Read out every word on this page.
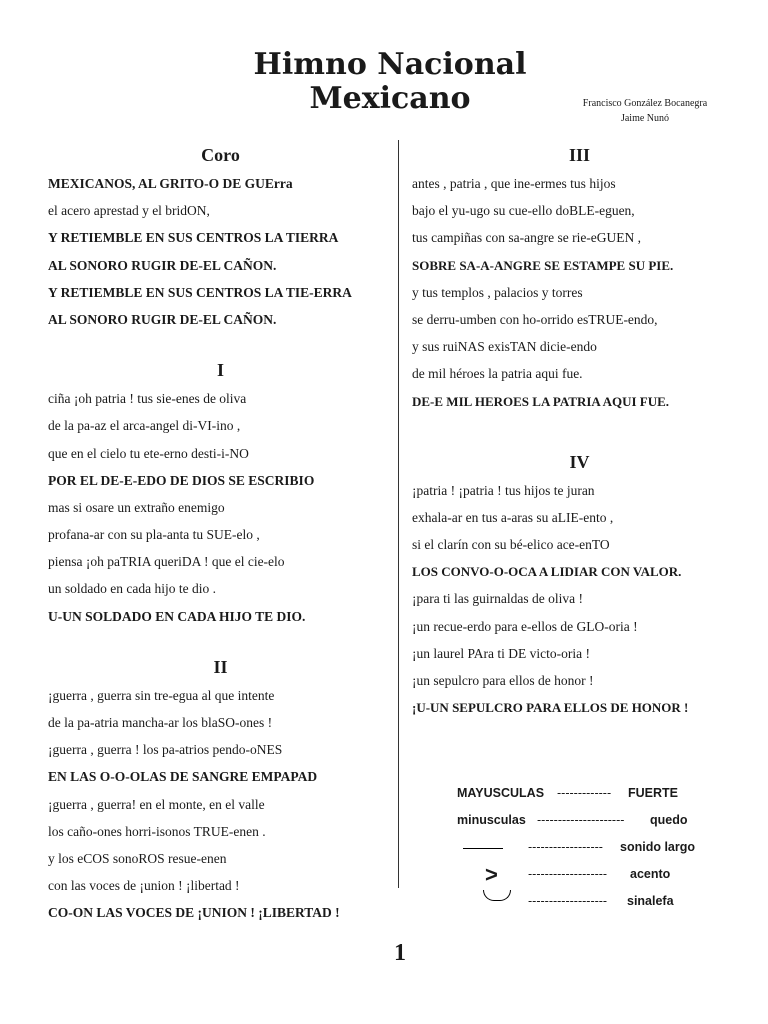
Himno Nacional
Mexicano	Francisco González Bocanegra
Jaime Nunó
Coro
MEXICANOS, AL GRITO-O DE GUErra
el acero aprestad y el bridON,
Y RETIEMBLE EN SUS CENTROS LA TIERRA
AL SONORO RUGIR DE-EL CAÑON.
Y RETIEMBLE EN SUS CENTROS LA TIE-ERRA
AL SONORO RUGIR DE-EL CAÑON.
I
ciña ¡oh patria ! tus sie-enes de oliva
de la pa-az el arca-angel di-VI-ino ,
que en el cielo tu ete-erno desti-i-NO
POR EL DE-E-EDO DE DIOS SE ESCRIBIO
mas si osare un extraño enemigo
profana-ar con su pla-anta tu SUE-elo ,
piensa ¡oh paTRIA queriDA ! que el cie-elo
un soldado en cada hijo te dio .
U-UN SOLDADO EN CADA HIJO TE DIO.
II
¡guerra , guerra sin tre-egua al que intente
de la pa-atria mancha-ar los blaSO-ones !
¡guerra , guerra ! los pa-atrios pendo-oNES
EN LAS O-O-OLAS DE SANGRE EMPAPAD
¡guerra , guerra! en el monte, en el valle
los caño-ones horri-isonos TRUE-enen .
y los eCOS sonoROS resue-enen
con las voces de ¡union ! ¡libertad !
CO-ON LAS VOCES DE ¡UNION ! ¡LIBERTAD !
III
antes , patria , que ine-ermes tus hijos
bajo el yu-ugo su cue-ello doBLE-eguen,
tus campiñas con sa-angre se rie-eGUEN ,
SOBRE SA-A-ANGRE SE ESTAMPE SU PIE.
y tus templos , palacios y torres
se derru-umben con ho-orrido esTRUE-endo,
y sus ruiNAS exisTAN dicie-endo
de mil héroes la patria aqui fue.
DE-E MIL HEROES LA PATRIA AQUI FUE.
IV
¡patria ! ¡patria ! tus hijos te juran
exhala-ar en tus a-aras su aLIE-ento ,
si el clarín con su bé-elico ace-enTO
LOS CONVO-O-OCA A LIDIAR CON VALOR.
¡para ti las guirnaldas de oliva !
¡un recue-erdo para e-ellos de GLO-oria !
¡un laurel PAra ti DE victo-oria !
¡un sepulcro para ellos de honor !
¡U-UN SEPULCRO PARA ELLOS DE HONOR !
MAYUSCULAS ------------- FUERTE
minusculas --------------------- quedo
------------------ sonido largo
> ------------------- acento
------------------- sinalefa
1
